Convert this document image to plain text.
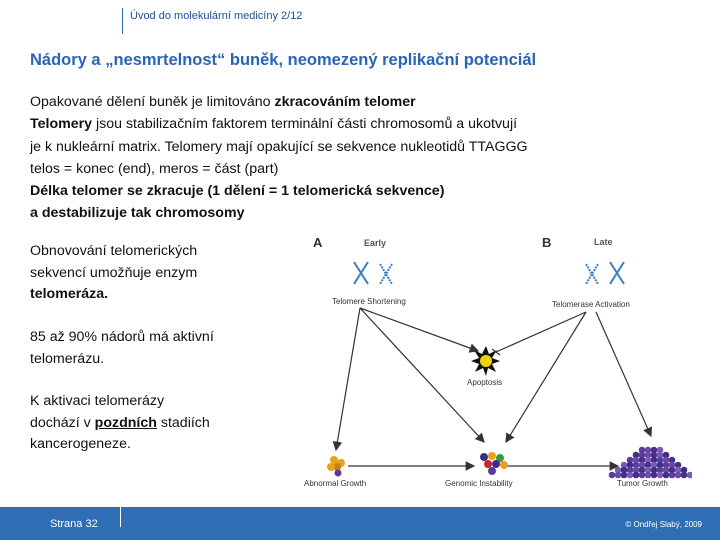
Úvod do molekulární medicíny 2/12
Nádory a „nesmrtelnost“ buněk, neomezený replikační potenciál
Opakované dělení buněk je limitováno zkracováním telomer
Telomery jsou stabilizačním faktorem terminální části chromosomů a ukotvují
je k nukleární matrix. Telomery mají opakující se sekvence nukleotidů TTAGGG
telos = konec (end), meros = část (part)
Délka telomer se zkracuje (1 dělení = 1 telomerická sekvence)
a destabilizuje tak chromosomy
Obnovování telomerických
sekvencí umožňuje enzym
telomeráza.
85 až 90% nádorů má aktivní
telomerázu.
K aktivaci telomerázy
dochází v pozdních stadiích
kancerogeneze.
A	Early	B	Late
Telomere Shortening	Telomerase Activation
Apoptosis
Abnormal Growth	Genomic Instability	Tumor Growth
Strana 32	© Ondřej Slabý, 2009
